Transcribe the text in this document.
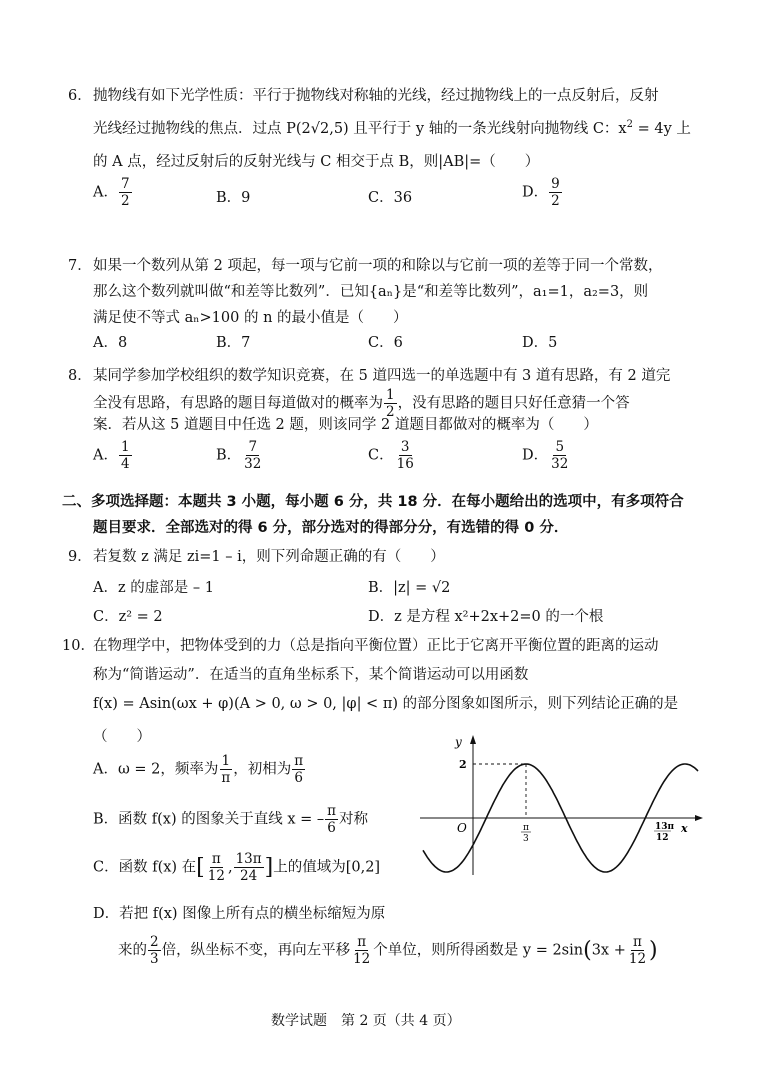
6． 抛物线有如下光学性质：平行于抛物线对称轴的光线，经过抛物线上的一点反射后，反射
光线经过抛物线的焦点．过点 P(2√2,5) 且平行于 y 轴的一条光线射向抛物线 C：$x^2 = 4y$ 上
的 A 点，经过反射后的反射光线与 C 相交于点 B，则|AB|=（　　）
A． $\frac{7}{2}$	B．9	C．36	D． $\frac{9}{2}$
7． 如果一个数列从第 2 项起，每一项与它前一项的和除以与它前一项的差等于同一个常数，
那么这个数列就叫做“和差等比数列”．已知{aₙ}是“和差等比数列”，a₁=1，a₂=3，则
满足使不等式 aₙ>100 的 n 的最小值是（　　）
A．8	B．7	C．6	D．5
8． 某同学参加学校组织的数学知识竞赛，在 5 道四选一的单选题中有 3 道有思路，有 2 道完
全没有思路，有思路的题目每道做对的概率为 $\frac{1}{2}$ ，没有思路的题目只好任意猜一个答
案．若从这 5 道题目中任选 2 题，则该同学 2 道题目都做对的概率为（　　）
A． $\frac{1}{4}$	B． $\frac{7}{32}$	C． $\frac{3}{16}$	D． $\frac{5}{32}$
二、多项选择题：本题共 3 小题，每小题 6 分，共 18 分．在每小题给出的选项中，有多项符合
题目要求．全部选对的得 6 分，部分选对的得部分分，有选错的得 0 分．
9． 若复数 z 满足 zi=1 – i，则下列命题正确的有（　　）
A．z 的虚部是 – 1	B．|z| = √2
C．z² = 2	D．z 是方程 x²+2x+2=0 的一个根
10．
在物理学中，把物体受到的力（总是指向平衡位置）正比于它离开平衡位置的距离的运动
称为“简谐运动”．在适当的直角坐标系下，某个简谐运动可以用函数
f(x) = Asin(ωx + φ)(A > 0, ω > 0, |φ| < π) 的部分图象如图所示，则下列结论正确的是
（　　）
A．ω = 2，频率为 $\frac{1}{\pi}$ ，初相为 $\frac{\pi}{6}$
B．函数 f(x) 的图象关于直线 x = – $\frac{\pi}{6}$ 对称
C．函数 f(x) 在[ $\frac{\pi}{12}$ , $\frac{13\pi}{24}$ ]上的值域为[0,2]
D．若把 f(x) 图像上所有点的横坐标缩短为原
来的 $\frac{2}{3}$ 倍，纵坐标不变，再向左平移 $\frac{\pi}{12}$ 个单位，则所得函数是 $y = 2\sin(3x + \frac{\pi}{12}$ )
y
x
O
2
π
3
13π
12
数学试题　第 2 页（共 4 页）
